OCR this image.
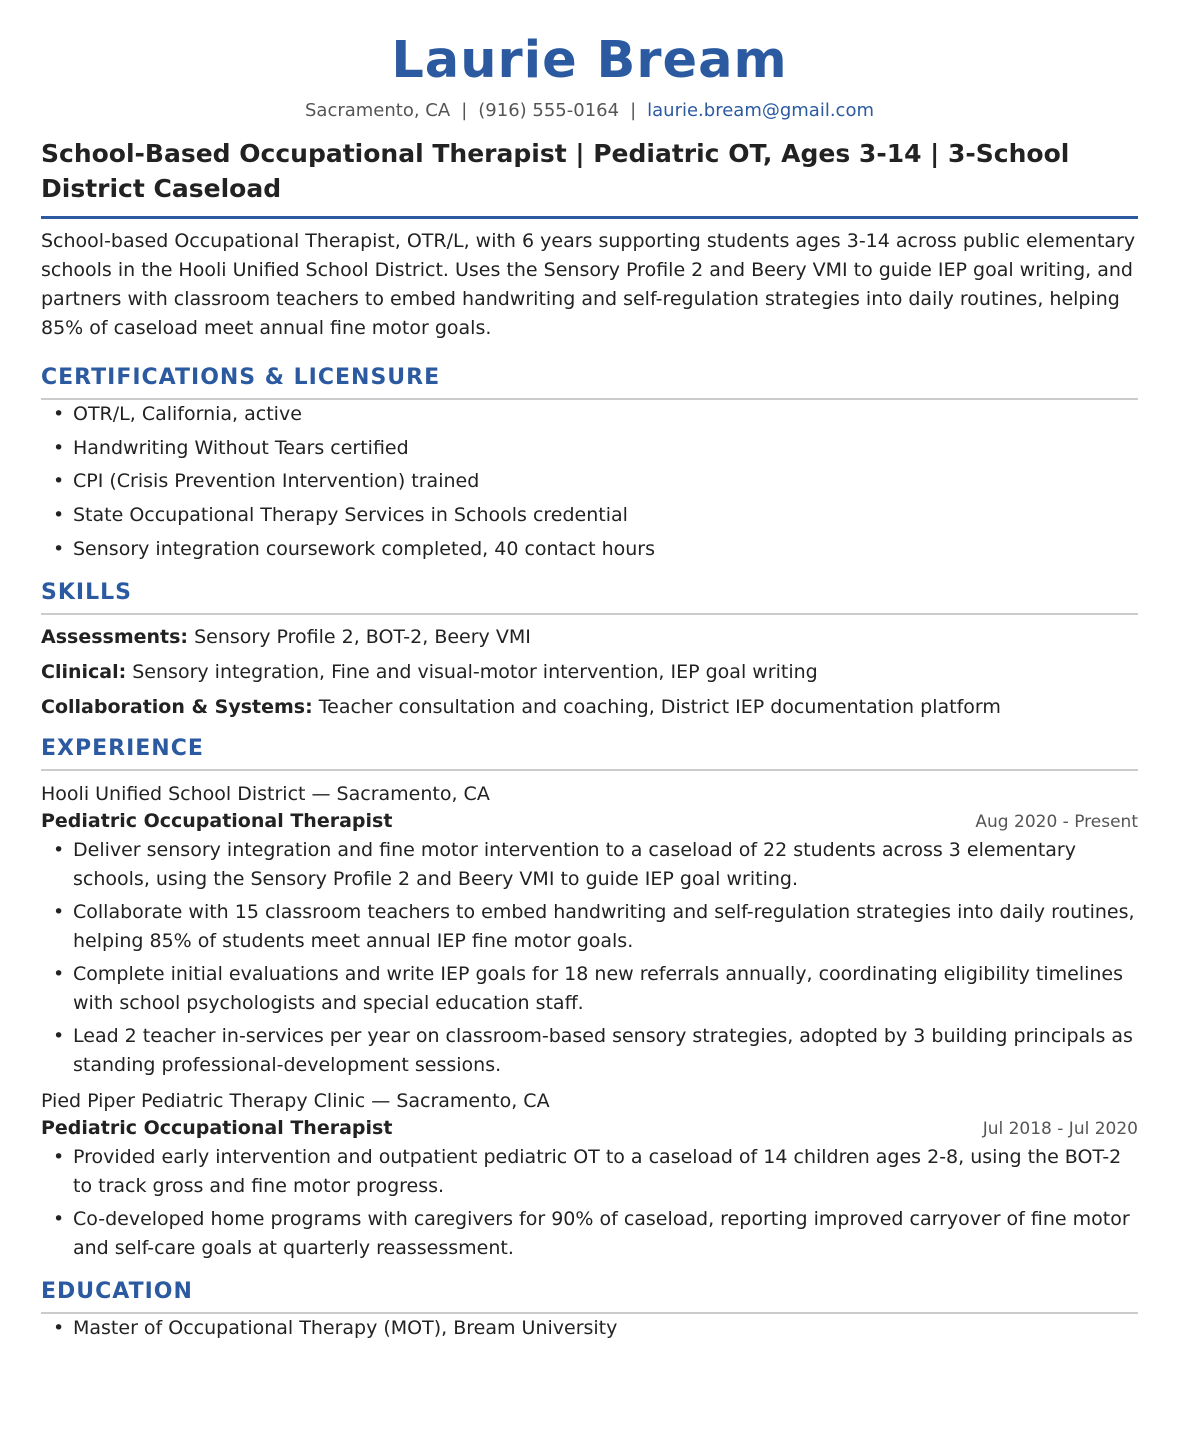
Laurie Bream
Sacramento, CA | (916) 555-0164 | laurie.bream@gmail.com
School-Based Occupational Therapist | Pediatric OT, Ages 3-14 | 3-School District Caseload
School-based Occupational Therapist, OTR/L, with 6 years supporting students ages 3-14 across public elementary schools in the Hooli Unified School District. Uses the Sensory Profile 2 and Beery VMI to guide IEP goal writing, and partners with classroom teachers to embed handwriting and self-regulation strategies into daily routines, helping 85% of caseload meet annual fine motor goals.
CERTIFICATIONS & LICENSURE
• OTR/L, California, active
• Handwriting Without Tears certified
• CPI (Crisis Prevention Intervention) trained
• State Occupational Therapy Services in Schools credential
• Sensory integration coursework completed, 40 contact hours
SKILLS
Assessments: Sensory Profile 2, BOT-2, Beery VMI
Clinical: Sensory integration, Fine and visual-motor intervention, IEP goal writing
Collaboration & Systems: Teacher consultation and coaching, District IEP documentation platform
EXPERIENCE
Hooli Unified School District — Sacramento, CA
Pediatric Occupational Therapist	Aug 2020 - Present
• Deliver sensory integration and fine motor intervention to a caseload of 22 students across 3 elementary schools, using the Sensory Profile 2 and Beery VMI to guide IEP goal writing.
• Collaborate with 15 classroom teachers to embed handwriting and self-regulation strategies into daily routines, helping 85% of students meet annual IEP fine motor goals.
• Complete initial evaluations and write IEP goals for 18 new referrals annually, coordinating eligibility timelines with school psychologists and special education staff.
• Lead 2 teacher in-services per year on classroom-based sensory strategies, adopted by 3 building principals as standing professional-development sessions.
Pied Piper Pediatric Therapy Clinic — Sacramento, CA
Pediatric Occupational Therapist	Jul 2018 - Jul 2020
• Provided early intervention and outpatient pediatric OT to a caseload of 14 children ages 2-8, using the BOT-2 to track gross and fine motor progress.
• Co-developed home programs with caregivers for 90% of caseload, reporting improved carryover of fine motor and self-care goals at quarterly reassessment.
EDUCATION
• Master of Occupational Therapy (MOT), Bream University
